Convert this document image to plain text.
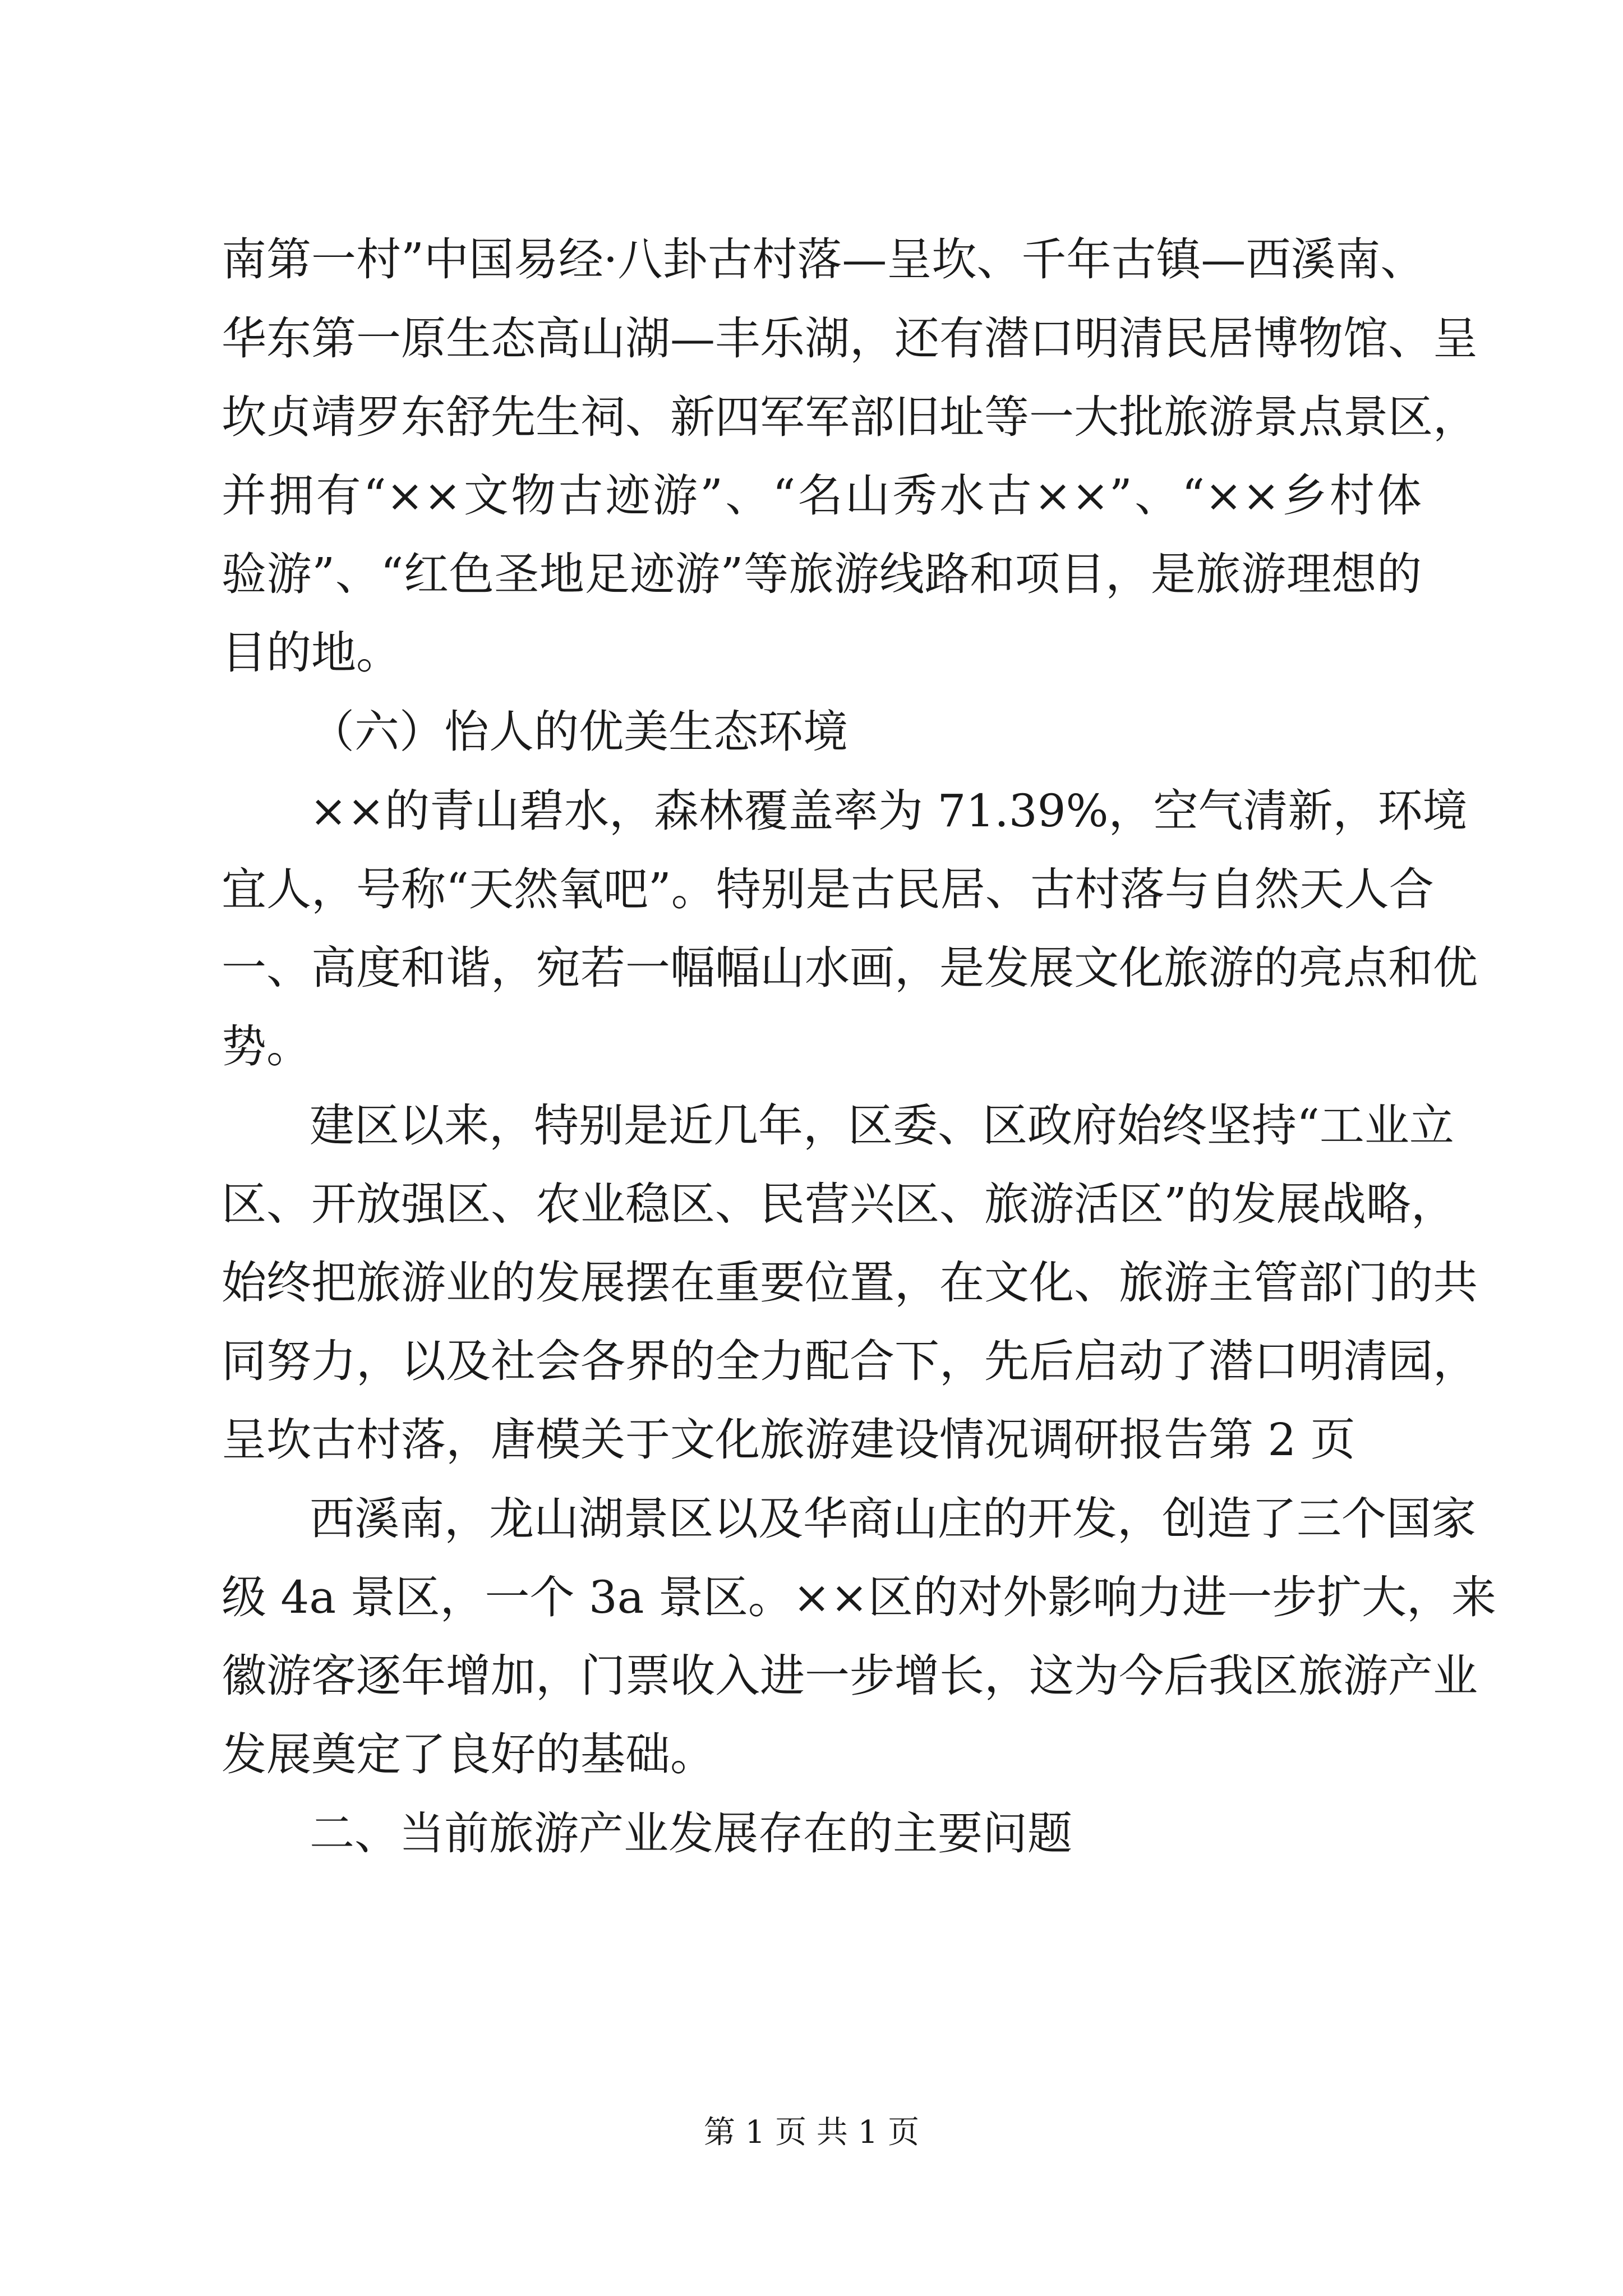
南第一村”中国易经·八卦古村落—呈坎、千年古镇—西溪南、
华东第一原生态高山湖—丰乐湖，还有潜口明清民居博物馆、呈
坎贞靖罗东舒先生祠、新四军军部旧址等一大批旅游景点景区，
并拥有“××文物古迹游”、“名山秀水古××”、“××乡村体
验游”、“红色圣地足迹游”等旅游线路和项目，是旅游理想的
目的地。
（六）怡人的优美生态环境
××的青山碧水，森林覆盖率为 71.39%，空气清新，环境
宜人，号称“天然氧吧”。特别是古民居、古村落与自然天人合
一、高度和谐，宛若一幅幅山水画，是发展文化旅游的亮点和优
势。
建区以来，特别是近几年，区委、区政府始终坚持“工业立
区、开放强区、农业稳区、民营兴区、旅游活区”的发展战略，
始终把旅游业的发展摆在重要位置，在文化、旅游主管部门的共
同努力，以及社会各界的全力配合下，先后启动了潜口明清园，
呈坎古村落，唐模关于文化旅游建设情况调研报告第 2 页
西溪南，龙山湖景区以及华商山庄的开发，创造了三个国家
级 4a 景区，一个 3a 景区。××区的对外影响力进一步扩大，来
徽游客逐年增加，门票收入进一步增长，这为今后我区旅游产业
发展奠定了良好的基础。
二、当前旅游产业发展存在的主要问题
第 1 页 共 1 页
